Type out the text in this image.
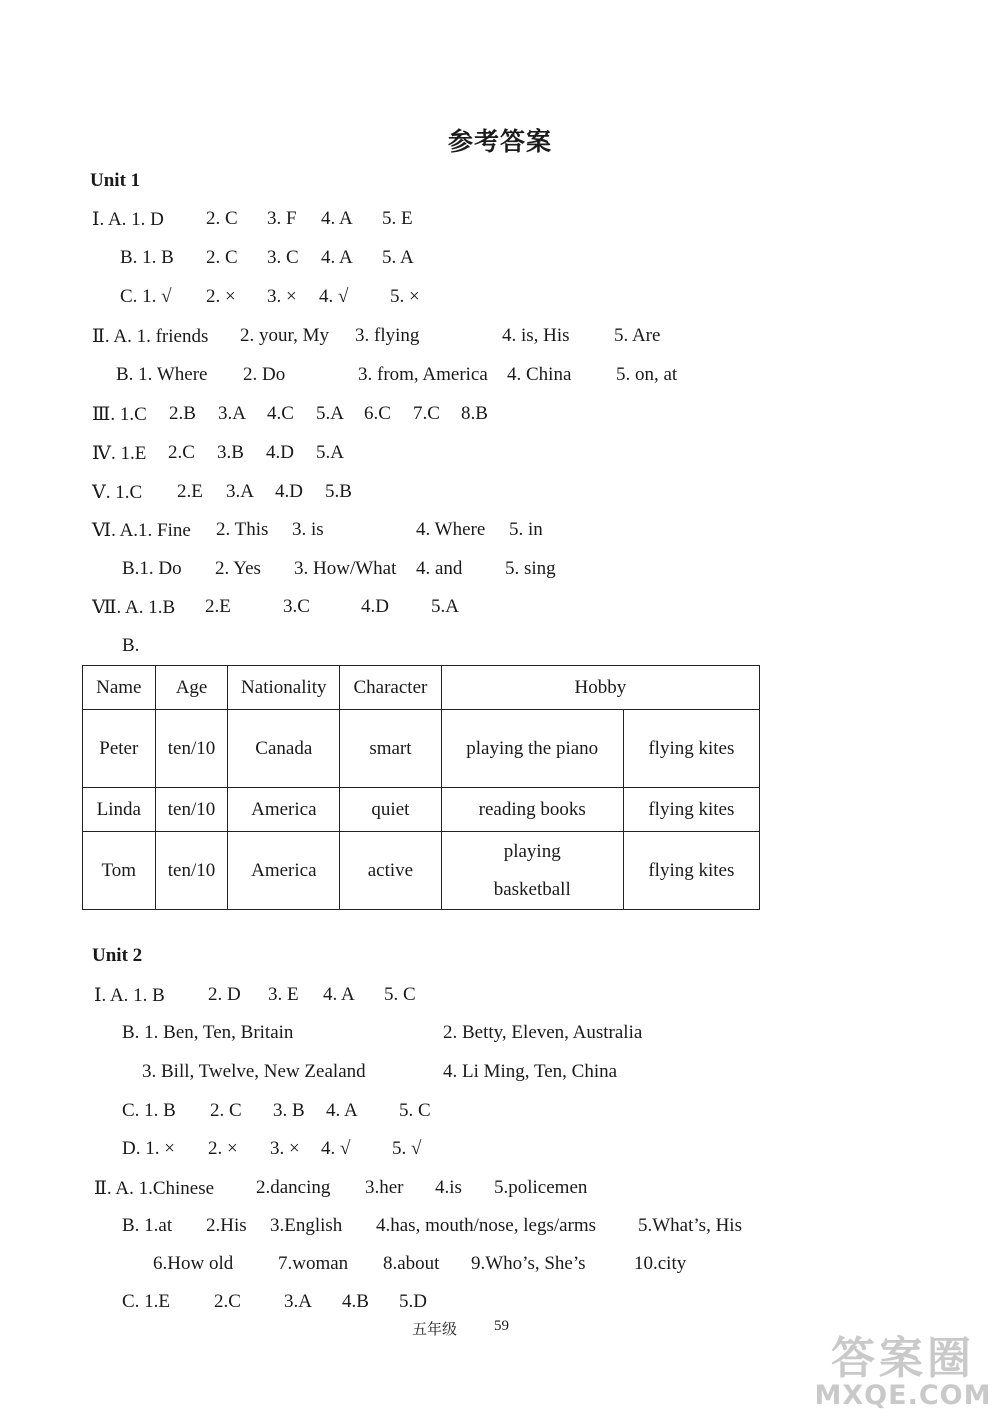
参考答案
Unit 1
Ⅰ. A. 1. D 2. C 3. F 4. A 5. E
B. 1. B 2. C 3. C 4. A 5. A
C. 1. √ 2. × 3. × 4. √ 5. ×
Ⅱ. A. 1. friends 2. your, My 3. flying	4. is, His 5. Are
B. 1. Where 2. Do	3. from, America 4. China 5. on, at
Ⅲ. 1.C 2.B 3.A 4.C 5.A 6.C 7.C 8.B
Ⅳ. 1.E 2.C 3.B 4.D 5.A
Ⅴ. 1.C 2.E 3.A 4.D 5.B
Ⅵ. A.1. Fine 2. This 3. is	4. Where 5. in
B.1. Do 2. Yes 3. How/What 4. and 5. sing
Ⅶ. A. 1.B 2.E	3.C	4.D 5.A
B.
Name	Age	Nationality	Character	Hobby	
Peter	ten/10	Canada	smart	playing the piano	flying kites
Linda	ten/10	America	quiet	reading books	flying kites
Tom	ten/10	America	active	playing basketball	flying kites
Unit 2
Ⅰ. A. 1. B 2. D 3. E 4. A 5. C
B. 1. Ben, Ten, Britain	2. Betty, Eleven, Australia
3. Bill, Twelve, New Zealand	4. Li Ming, Ten, China
C. 1. B 2. C 3. B 4. A 5. C
D. 1. × 2. × 3. × 4. √ 5. √
Ⅱ. A. 1.Chinese 2.dancing 3.her 4.is 5.policemen
B. 1.at 2.His 3.English 4.has, mouth/nose, legs/arms 5.What’s, His
6.How old 7.woman 8.about 9.Who’s, She’s	10.city
C. 1.E 2.C 3.A 4.B 5.D
五年级 59
答案圈
MXQE.COM
